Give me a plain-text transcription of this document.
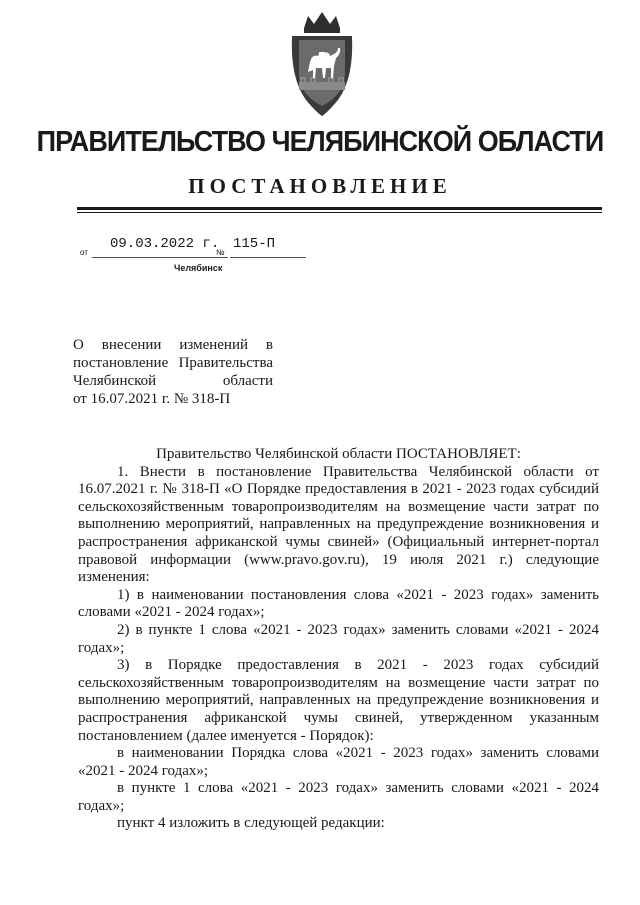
ПРАВИТЕЛЬСТВО ЧЕЛЯБИНСКОЙ ОБЛАСТИ
ПОСТАНОВЛЕНИЕ
от
09.03.2022 г.
№
115-П
Челябинск
О внесении изменений в
постановление Правительства
Челябинской области
от 16.07.2021 г. № 318-П
Правительство Челябинской области ПОСТАНОВЛЯЕТ:

1. Внести в постановление Правительства Челябинской области от 16.07.2021 г. № 318-П «О Порядке предоставления в 2021 - 2023 годах субсидий сельскохозяйственным товаропроизводителям на возмещение части затрат по выполнению мероприятий, направленных на предупреждение возникновения и распространения африканской чумы свиней» (Официальный интернет-портал правовой информации (www.pravo.gov.ru), 19 июля 2021 г.) следующие изменения:

1) в наименовании постановления слова «2021 - 2023 годах» заменить словами «2021 - 2024 годах»;

2) в пункте 1 слова «2021 - 2023 годах» заменить словами «2021 - 2024 годах»;

3) в Порядке предоставления в 2021 - 2023 годах субсидий сельскохозяйственным товаропроизводителям на возмещение части затрат по выполнению мероприятий, направленных на предупреждение возникновения и распространения африканской чумы свиней, утвержденном указанным постановлением (далее именуется - Порядок):

в наименовании Порядка слова «2021 - 2023 годах» заменить словами «2021 - 2024 годах»;

в пункте 1 слова «2021 - 2023 годах» заменить словами «2021 - 2024 годах»;

пункт 4 изложить в следующей редакции:
